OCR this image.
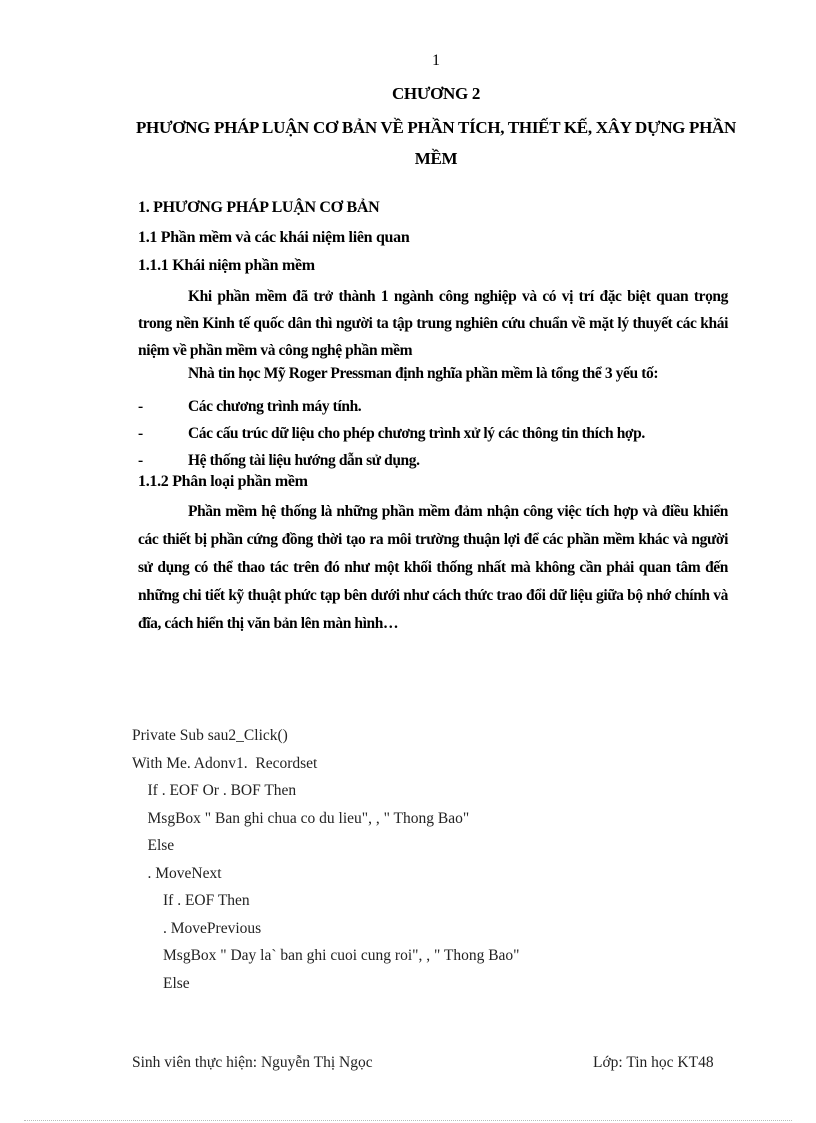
1
CHƯƠNG 2
PHƯƠNG PHÁP LUẬN CƠ BẢN VỀ PHẦN TÍCH, THIẾT KẾ, XÂY DỰNG PHẦN MỀM
1. PHƯƠNG PHÁP LUẬN CƠ BẢN
1.1 Phần mềm và các khái niệm liên quan
1.1.1 Khái niệm phần mềm
Khi phần mềm đã trở thành 1 ngành công nghiệp và có vị trí đặc biệt quan trọng trong nền Kinh tế quốc dân thì người ta tập trung nghiên cứu chuẩn về mặt lý thuyết các khái niệm về phần mềm và công nghệ phần mềm
Nhà tin học Mỹ Roger Pressman định nghĩa phần mềm là tổng thể 3 yếu tố:
-	Các chương trình máy tính.
-	Các cấu trúc dữ liệu cho phép chương trình xử lý các thông tin thích hợp.
-	Hệ thống tài liệu hướng dẫn sử dụng.
1.1.2 Phân loại phần mềm
Phần mềm hệ thống là những phần mềm đảm nhận công việc tích hợp và điều khiển các thiết bị phần cứng đồng thời tạo ra môi trường thuận lợi để các phần mềm khác và người sử dụng có thể thao tác trên đó như một khối thống nhất mà không cần phải quan tâm đến những chi tiết kỹ thuật phức tạp bên dưới như cách thức trao đổi dữ liệu giữa bộ nhớ chính và đĩa, cách hiển thị văn bản lên màn hình…
Private Sub sau2_Click()
With Me. Adonv1.  Recordset
If . EOF Or . BOF Then
MsgBox " Ban ghi chua co du lieu", , " Thong Bao"
Else
. MoveNext
If . EOF Then
. MovePrevious
MsgBox " Day la` ban ghi cuoi cung roi", , " Thong Bao"
Else
Sinh viên thực hiện: Nguyễn Thị Ngọc	Lớp: Tin học KT48
